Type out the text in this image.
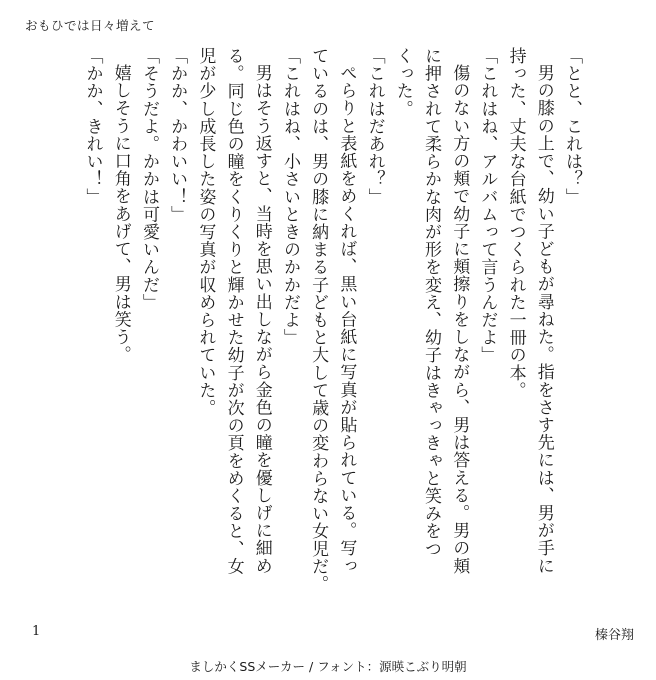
おもひでは日々増えて

「とと、これは？」

男の膝の上で、幼い子どもが尋ねた。指をさす先には、男が手に

持った、丈夫な台紙でつくられた一冊の本。

「これはね、アルバムって言うんだよ」

傷のない方の頬で幼子に頬擦りをしながら、男は答える。男の頬

に押されて柔らかな肉が形を変え、幼子はきゃっきゃと笑みをつ

くった。

「これはだあれ？」

ぺらりと表紙をめくれば、黒い台紙に写真が貼られている。写っ

ているのは、男の膝に納まる子どもと大して歳の変わらない女児だ。

「これはね、小さいときのかかだよ」

男はそう返すと、当時を思い出しながら金色の瞳を優しげに細め

る。同じ色の瞳をくりくりと輝かせた幼子が次の頁をめくると、女

児が少し成長した姿の写真が収められていた。

「かか、かわいい！」

「そうだよ。かかは可愛いんだ」

嬉しそうに口角をあげて、男は笑う。

「かか、きれい！」

1	榛谷翔
ましかくSSメーカー / フォント：源暎こぶり明朝
